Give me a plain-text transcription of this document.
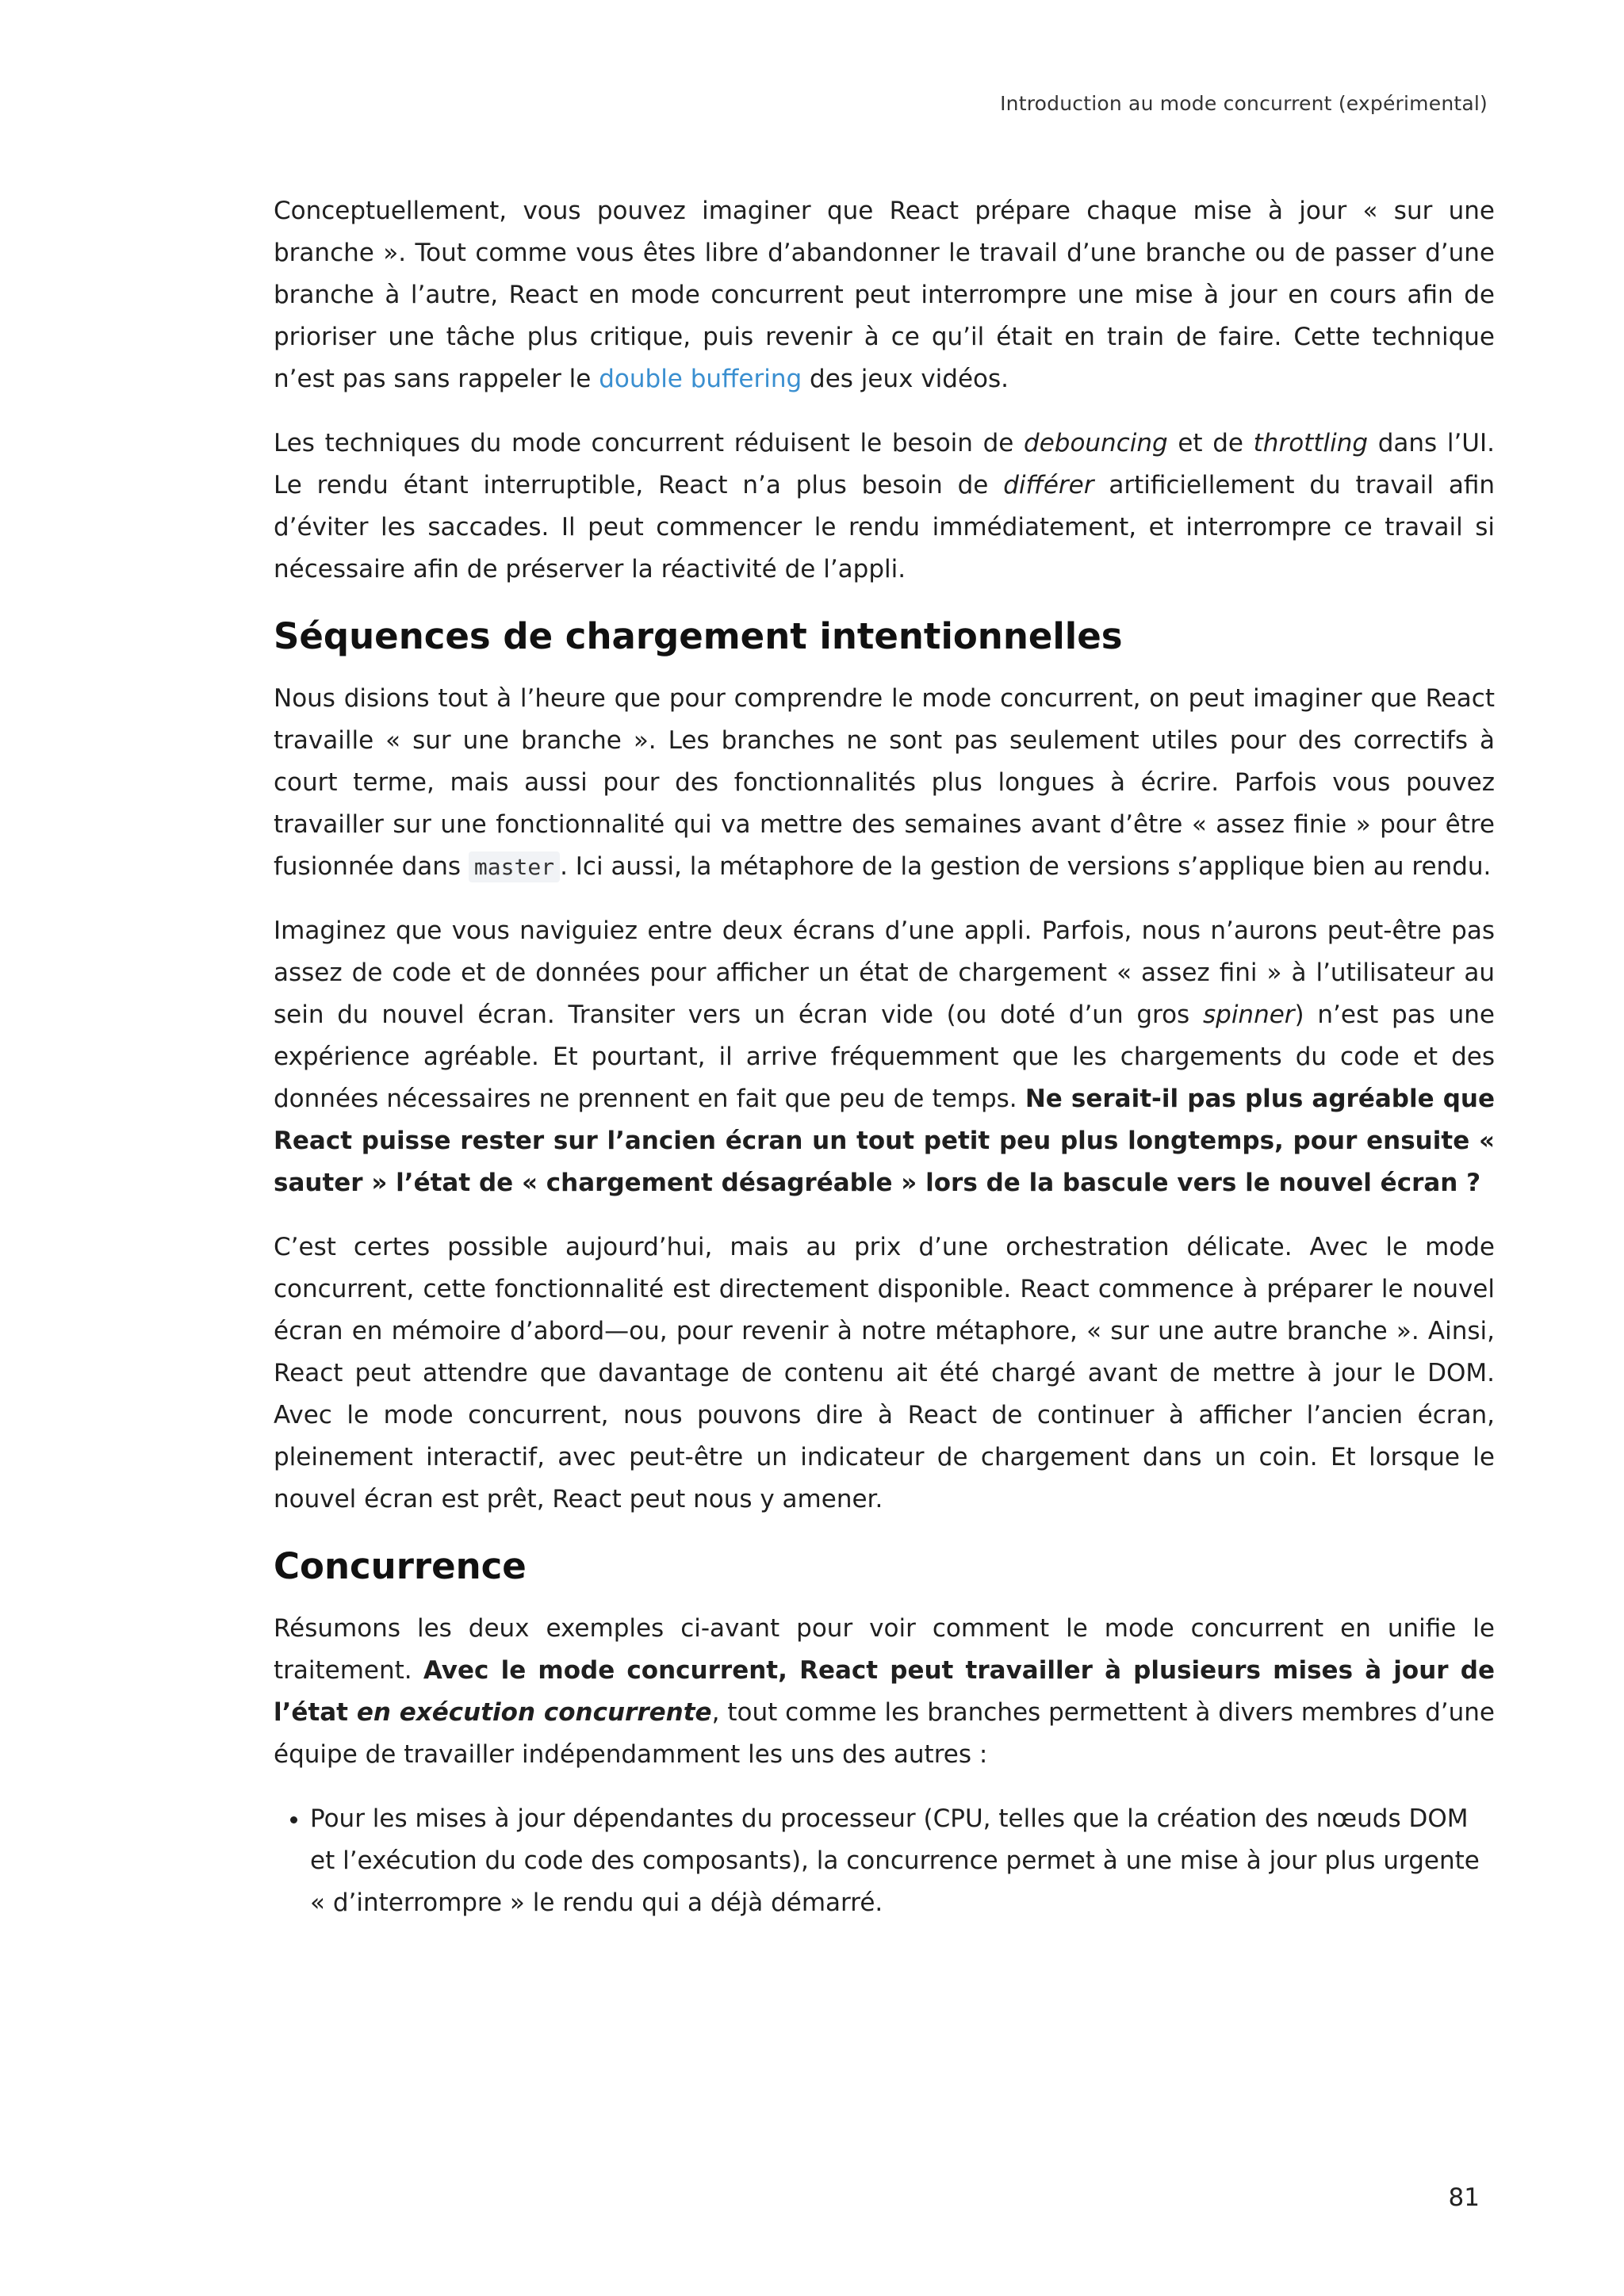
Introduction au mode concurrent (expérimental)

Conceptuellement, vous pouvez imaginer que React prépare chaque mise à jour « sur une branche ». Tout comme vous êtes libre d’abandonner le travail d’une branche ou de passer d’une branche à l’autre, React en mode concurrent peut interrompre une mise à jour en cours afin de prioriser une tâche plus critique, puis revenir à ce qu’il était en train de faire. Cette technique n’est pas sans rappeler le double buffering des jeux vidéos.

Les techniques du mode concurrent réduisent le besoin de debouncing et de throttling dans l’UI. Le rendu étant interruptible, React n’a plus besoin de différer artificiellement du travail afin d’éviter les saccades. Il peut commencer le rendu immédiatement, et interrompre ce travail si nécessaire afin de préserver la réactivité de l’appli.

Séquences de chargement intentionnelles

Nous disions tout à l’heure que pour comprendre le mode concurrent, on peut imaginer que React travaille « sur une branche ». Les branches ne sont pas seulement utiles pour des correctifs à court terme, mais aussi pour des fonctionnalités plus longues à écrire. Parfois vous pouvez travailler sur une fonctionnalité qui va mettre des semaines avant d’être « assez finie » pour être fusionnée dans master . Ici aussi, la métaphore de la gestion de versions s’applique bien au rendu.

Imaginez que vous naviguiez entre deux écrans d’une appli. Parfois, nous n’aurons peut-être pas assez de code et de données pour afficher un état de chargement « assez fini » à l’utilisateur au sein du nouvel écran. Transiter vers un écran vide (ou doté d’un gros spinner) n’est pas une expérience agréable. Et pourtant, il arrive fréquemment que les chargements du code et des données nécessaires ne prennent en fait que peu de temps. Ne serait-il pas plus agréable que React puisse rester sur l’ancien écran un tout petit peu plus longtemps, pour ensuite « sauter » l’état de « chargement désagréable » lors de la bascule vers le nouvel écran ?

C’est certes possible aujourd’hui, mais au prix d’une orchestration délicate. Avec le mode concurrent, cette fonctionnalité est directement disponible. React commence à préparer le nouvel écran en mémoire d’abord—ou, pour revenir à notre métaphore, « sur une autre branche ». Ainsi, React peut attendre que davantage de contenu ait été chargé avant de mettre à jour le DOM. Avec le mode concurrent, nous pouvons dire à React de continuer à afficher l’ancien écran, pleinement interactif, avec peut-être un indicateur de chargement dans un coin. Et lorsque le nouvel écran est prêt, React peut nous y amener.

Concurrence

Résumons les deux exemples ci-avant pour voir comment le mode concurrent en unifie le traitement. Avec le mode concurrent, React peut travailler à plusieurs mises à jour de l’état en exécution concurrente, tout comme les branches permettent à divers membres d’une équipe de travailler indépendamment les uns des autres :

• Pour les mises à jour dépendantes du processeur (CPU, telles que la création des nœuds DOM et l’exécution du code des composants), la concurrence permet à une mise à jour plus urgente « d’interrompre » le rendu qui a déjà démarré.
81
